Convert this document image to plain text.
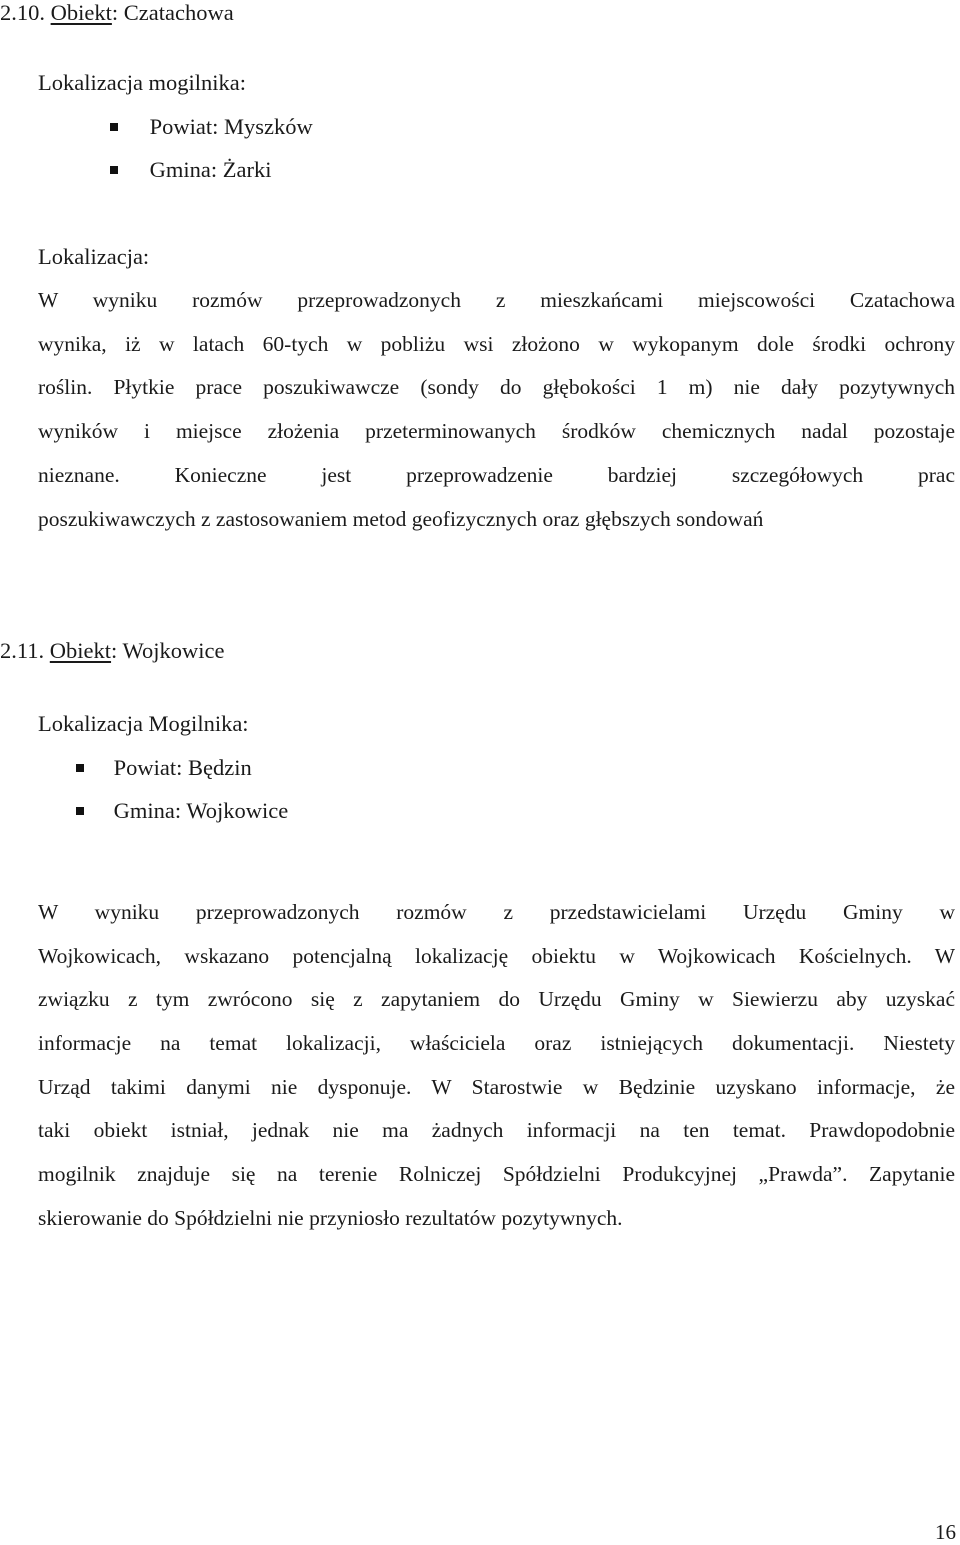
2.10. Obiekt: Czatachowa
Lokalizacja mogilnika:
Powiat: Myszków
Gmina: Żarki
Lokalizacja:
W wyniku rozmów przeprowadzonych z mieszkańcami miejscowości Czatachowa
wynika, iż w latach 60-tych w pobliżu wsi złożono w wykopanym dole środki ochrony
roślin. Płytkie prace poszukiwawcze (sondy do głębokości 1 m) nie dały pozytywnych
wyników i miejsce złożenia przeterminowanych środków chemicznych nadal pozostaje
nieznane. Konieczne jest przeprowadzenie bardziej szczegółowych prac
poszukiwawczych z zastosowaniem metod geofizycznych oraz głębszych sondowań
2.11. Obiekt: Wojkowice
Lokalizacja Mogilnika:
Powiat: Będzin
Gmina: Wojkowice
W wyniku przeprowadzonych rozmów z przedstawicielami Urzędu Gminy w
Wojkowicach, wskazano potencjalną lokalizację obiektu w Wojkowicach Kościelnych. W
związku z tym zwrócono się z zapytaniem do Urzędu Gminy w Siewierzu aby uzyskać
informacje na temat lokalizacji, właściciela oraz istniejących dokumentacji. Niestety
Urząd takimi danymi nie dysponuje. W Starostwie w Będzinie uzyskano informacje, że
taki obiekt istniał, jednak nie ma żadnych informacji na ten temat. Prawdopodobnie
mogilnik znajduje się na terenie Rolniczej Spółdzielni Produkcyjnej „Prawda”. Zapytanie
skierowanie do Spółdzielni nie przyniosło rezultatów pozytywnych.
16
